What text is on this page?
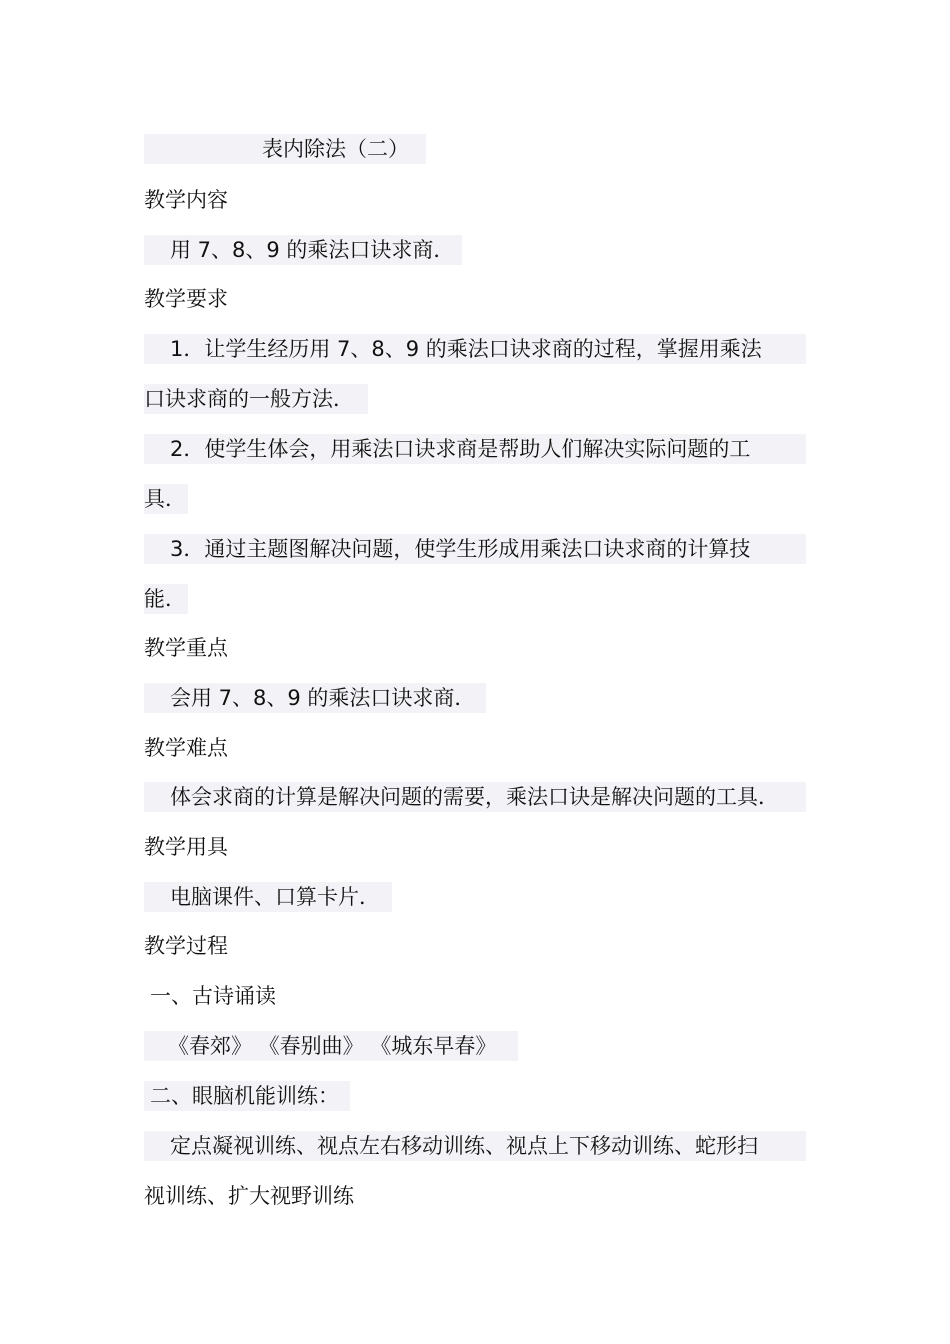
表内除法（二）
教学内容
用 7、8、9 的乘法口诀求商．
教学要求
1．让学生经历用 7、8、9 的乘法口诀求商的过程，掌握用乘法
口诀求商的一般方法．
2．使学生体会，用乘法口诀求商是帮助人们解决实际问题的工
具．
3．通过主题图解决问题，使学生形成用乘法口诀求商的计算技
能．
教学重点
会用 7、8、9 的乘法口诀求商．
教学难点
体会求商的计算是解决问题的需要，乘法口诀是解决问题的工具．
教学用具
电脑课件、口算卡片．
教学过程
一、古诗诵读
《春郊》 《春别曲》 《城东早春》
二、眼脑机能训练：
定点凝视训练、视点左右移动训练、视点上下移动训练、蛇形扫
视训练、扩大视野训练
